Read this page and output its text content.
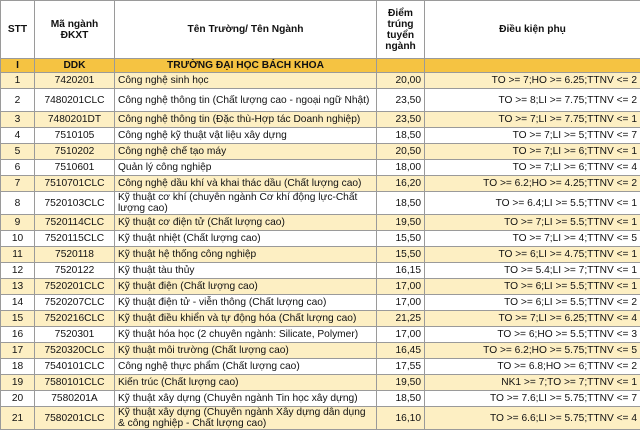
STT	Mã ngành ĐKXT	Tên Trường/ Tên Ngành	Điểm trúng tuyển ngành	Điều kiện phụ
I	DDK	TRƯỜNG ĐẠI HỌC BÁCH KHOA		
1	7420201	Công nghệ sinh học	20,00	TO >= 7;HO >= 6.25;TTNV <= 2
2	7480201CLC	Công nghệ thông tin (Chất lượng cao - ngoại ngữ Nhật)	23,50	TO >= 8;LI >= 7.75;TTNV <= 2
3	7480201DT	Công nghệ thông tin (Đặc thù-Hợp tác Doanh nghiệp)	23,50	TO >= 7;LI >= 7.75;TTNV <= 1
4	7510105	Công nghệ kỹ thuật vật liệu xây dựng	18,50	TO >= 7;LI >= 5;TTNV <= 7
5	7510202	Công nghệ chế tạo máy	20,50	TO >= 7;LI >= 6;TTNV <= 1
6	7510601	Quản lý công nghiệp	18,00	TO >= 7;LI >= 6;TTNV <= 4
7	7510701CLC	Công nghệ dầu khí và khai thác dầu (Chất lượng cao)	16,20	TO >= 6.2;HO >= 4.25;TTNV <= 2
8	7520103CLC	Kỹ thuật cơ khí (chuyên ngành Cơ khí động lực-Chất lượng cao)	18,50	TO >= 6.4;LI >= 5.5;TTNV <= 1
9	7520114CLC	Kỹ thuật cơ điện tử (Chất lượng cao)	19,50	TO >= 7;LI >= 5.5;TTNV <= 1
10	7520115CLC	Kỹ thuật nhiệt (Chất lượng cao)	15,50	TO >= 7;LI >= 4;TTNV <= 5
11	7520118	Kỹ thuật hệ thống công nghiệp	15,50	TO >= 6;LI >= 4.75;TTNV <= 1
12	7520122	Kỹ thuật tàu thủy	16,15	TO >= 5.4;LI >= 7;TTNV <= 1
13	7520201CLC	Kỹ thuật điện (Chất lượng cao)	17,00	TO >= 6;LI >= 5.5;TTNV <= 1
14	7520207CLC	Kỹ thuật điện tử - viễn thông (Chất lượng cao)	17,00	TO >= 6;LI >= 5.5;TTNV <= 2
15	7520216CLC	Kỹ thuật điều khiển và tự động hóa (Chất lượng cao)	21,25	TO >= 7;LI >= 6.25;TTNV <= 4
16	7520301	Kỹ thuật hóa học (2 chuyên ngành: Silicate, Polymer)	17,00	TO >= 6;HO >= 5.5;TTNV <= 3
17	7520320CLC	Kỹ thuật môi trường (Chất lượng cao)	16,45	TO >= 6.2;HO >= 5.75;TTNV <= 5
18	7540101CLC	Công nghệ thực phẩm (Chất lượng cao)	17,55	TO >= 6.8;HO >= 6;TTNV <= 2
19	7580101CLC	Kiến trúc (Chất lượng cao)	19,50	NK1 >= 7;TO >= 7;TTNV <= 1
20	7580201A	Kỹ thuật xây dựng (Chuyên ngành Tin học xây dựng)	18,50	TO >= 7.6;LI >= 5.75;TTNV <= 7
21	7580201CLC	Kỹ thuật xây dựng (Chuyên ngành Xây dựng dân dụng & công nghiệp - Chất lượng cao)	16,10	TO >= 6.6;LI >= 5.75;TTNV <= 4
